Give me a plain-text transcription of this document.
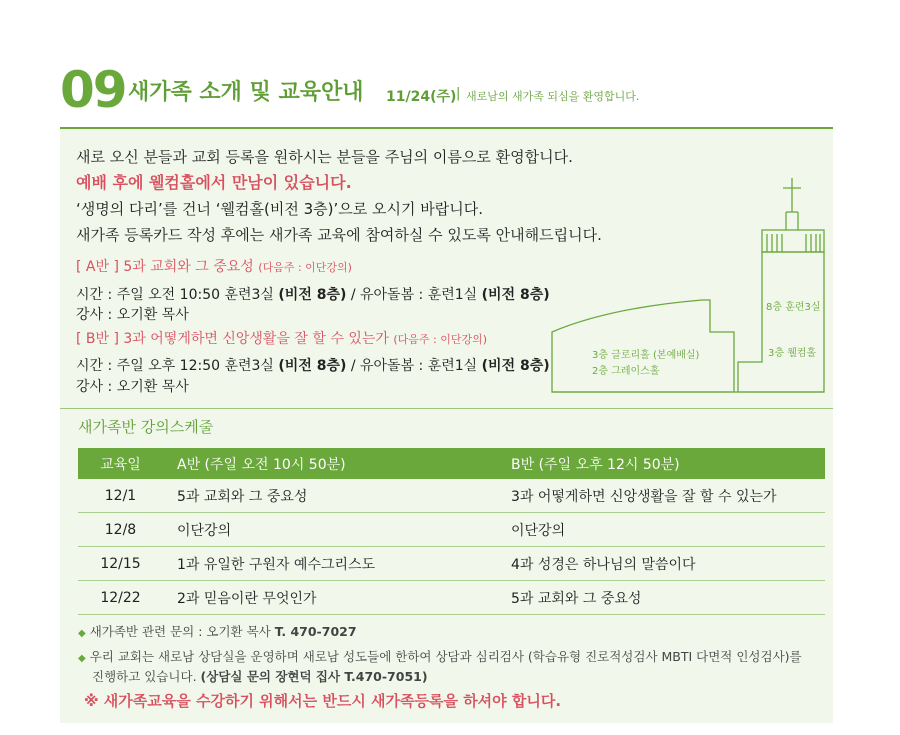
09 새가족 소개 및 교육안내 11/24(주) | 새로남의 새가족 되심을 환영합니다.
새로 오신 분들과 교회 등록을 원하시는 분들을 주님의 이름으로 환영합니다.
예배 후에 웰컴홀에서 만남이 있습니다.
‘생명의 다리’를 건너 ‘웰컴홀(비전 3층)’으로 오시기 바랍니다.
새가족 등록카드 작성 후에는 새가족 교육에 참여하실 수 있도록 안내해드립니다.
[ A반 ] 5과 교회와 그 중요성 (다음주 : 이단강의)
시간 : 주일 오전 10:50 훈련3실 (비전 8층) / 유아돌봄 : 훈련1실 (비전 8층)
강사 : 오기환 목사
[ B반 ] 3과 어떻게하면 신앙생활을 잘 할 수 있는가 (다음주 : 이단강의)
시간 : 주일 오후 12:50 훈련3실 (비전 8층) / 유아돌봄 : 훈련1실 (비전 8층)
강사 : 오기환 목사
8층 훈련3실
3층 웰컴홀
3층 글로리홀 (본예배실)
2층 그레이스홀
새가족반 강의스케줄
교육일	A반 (주일 오전 10시 50분)	B반 (주일 오후 12시 50분)
12/1	5과 교회와 그 중요성	3과 어떻게하면 신앙생활을 잘 할 수 있는가
12/8	이단강의	이단강의
12/15	1과 유일한 구원자 예수그리스도	4과 성경은 하나님의 말씀이다
12/22	2과 믿음이란 무엇인가	5과 교회와 그 중요성
◆ 새가족반 관련 문의 : 오기환 목사 T. 470-7027
◆ 우리 교회는 새로남 상담실을 운영하며 새로남 성도들에 한하여 상담과 심리검사 (학습유형 진로적성검사 MBTI 다면적 인성검사)를
진행하고 있습니다. (상담실 문의 장현덕 집사 T.470-7051)
※ 새가족교육을 수강하기 위해서는 반드시 새가족등록을 하셔야 합니다.
